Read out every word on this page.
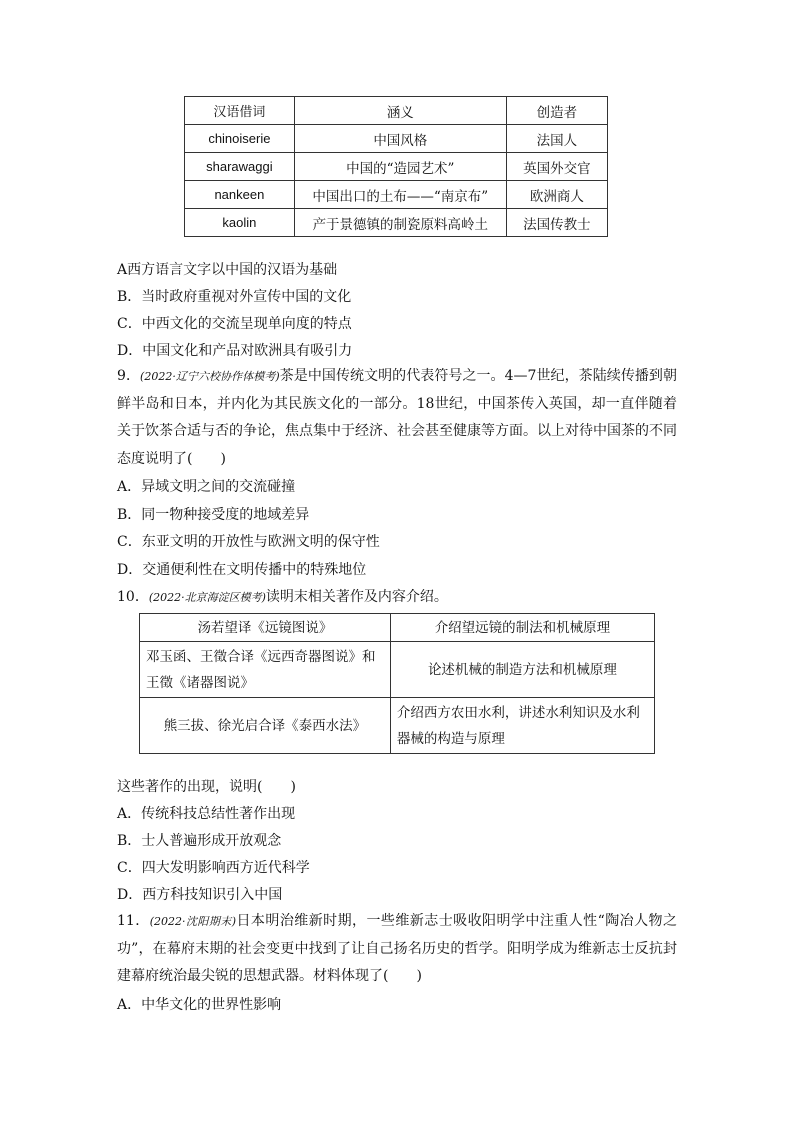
汉语借词	涵义	创造者
chinoiserie	中国风格	法国人
sharawaggi	中国的“造园艺术”	英国外交官
nankeen	中国出口的土布——“南京布”	欧洲商人
kaolin	产于景德镇的制瓷原料高岭土	法国传教士
A西方语言文字以中国的汉语为基础
B．当时政府重视对外宣传中国的文化
C．中西文化的交流呈现单向度的特点
D．中国文化和产品对欧洲具有吸引力
9．(2022·辽宁六校协作体模考)茶是中国传统文明的代表符号之一。4—7世纪，茶陆续传播到朝鲜半岛和日本，并内化为其民族文化的一部分。18世纪，中国茶传入英国，却一直伴随着关于饮茶合适与否的争论，焦点集中于经济、社会甚至健康等方面。以上对待中国茶的不同态度说明了(　　)
A．异域文明之间的交流碰撞
B．同一物种接受度的地域差异
C．东亚文明的开放性与欧洲文明的保守性
D．交通便利性在文明传播中的特殊地位
10．(2022·北京海淀区模考)读明末相关著作及内容介绍。
汤若望译《远镜图说》	介绍望远镜的制法和机械原理
邓玉函、王徵合译《远西奇器图说》和王徵《诸器图说》	论述机械的制造方法和机械原理
熊三拔、徐光启合译《泰西水法》	介绍西方农田水利，讲述水利知识及水利器械的构造与原理
这些著作的出现，说明(　　)
A．传统科技总结性著作出现
B．士人普遍形成开放观念
C．四大发明影响西方近代科学
D．西方科技知识引入中国
11．(2022·沈阳期末)日本明治维新时期，一些维新志士吸收阳明学中注重人性“陶冶人物之功”，在幕府末期的社会变更中找到了让自己扬名历史的哲学。阳明学成为维新志士反抗封建幕府统治最尖锐的思想武器。材料体现了(　　)
A．中华文化的世界性影响
